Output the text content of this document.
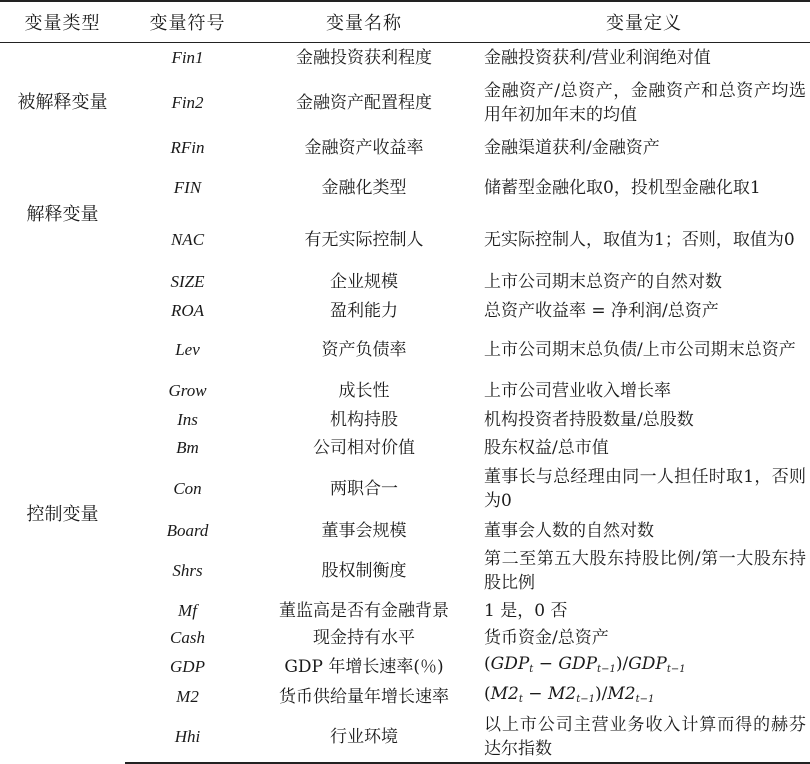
变量类型	变量符号	变量名称	变量定义
被解释变量	Fin1	金融投资获利程度	金融投资获利/营业利润绝对值
	Fin2	金融资产配置程度	金融资产/总资产，金融资产和总资产均选用年初加年末的均值
	RFin	金融资产收益率	金融渠道获利/金融资产
解释变量	FIN	金融化类型	储蓄型金融化取0，投机型金融化取1
	NAC	有无实际控制人	无实际控制人，取值为1；否则，取值为0
控制变量	SIZE	企业规模	上市公司期末总资产的自然对数
	ROA	盈利能力	总资产收益率 = 净利润/总资产
	Lev	资产负债率	上市公司期末总负债/上市公司期末总资产
	Grow	成长性	上市公司营业收入增长率
	Ins	机构持股	机构投资者持股数量/总股数
	Bm	公司相对价值	股东权益/总市值
	Con	两职合一	董事长与总经理由同一人担任时取1，否则为0
	Board	董事会规模	董事会人数的自然对数
	Shrs	股权制衡度	第二至第五大股东持股比例/第一大股东持股比例
	Mf	董监高是否有金融背景	1 是，0 否
	Cash	现金持有水平	货币资金/总资产
	GDP	GDP 年增长速率(％)	$(GDP_t - GDP_{t-1})/GDP_{t-1}$
	M2	货币供给量年增长速率	$(M2_t - M2_{t-1})/M2_{t-1}$
	Hhi	行业环境	以上市公司主营业务收入计算而得的赫芬达尔指数
